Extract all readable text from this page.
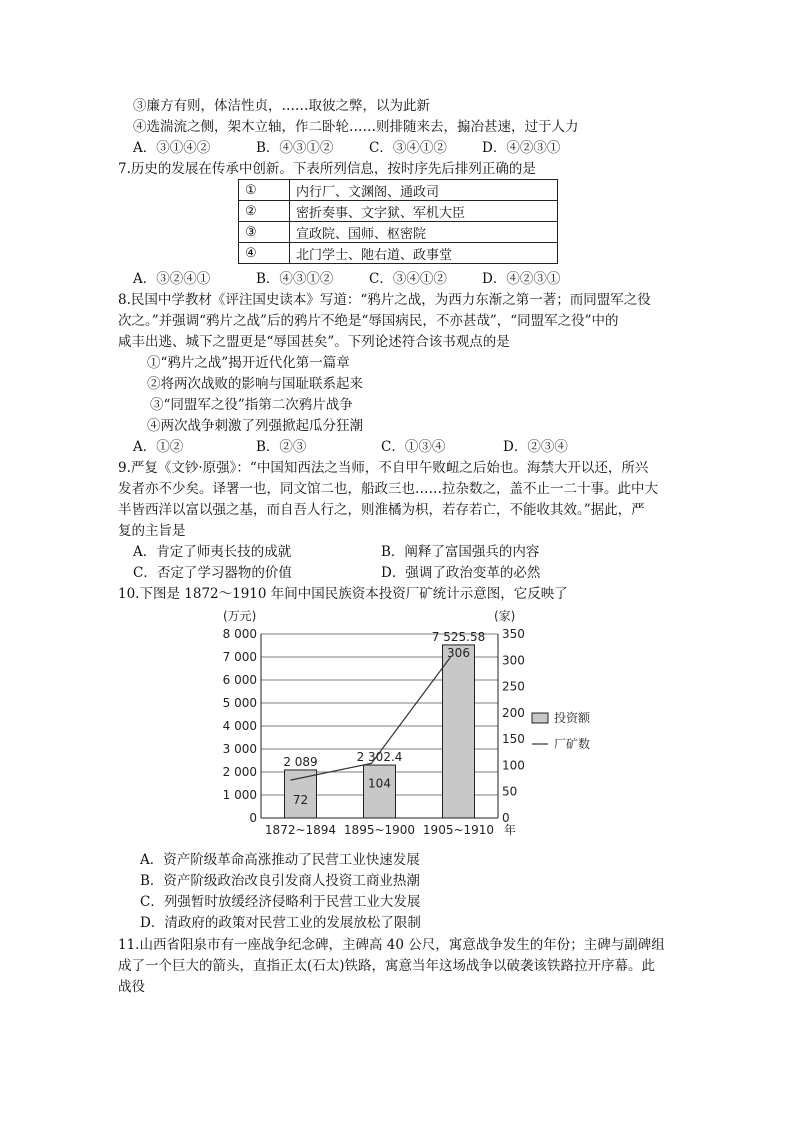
③廉方有则，体洁性贞，……取彼之弊，以为此新
④选湍流之侧，架木立轴，作二卧轮……则排随来去，搧冶甚速，过于人力
A．③①④②	B．④③①②	C．③④①②	D．④②③①
7.历史的发展在传承中创新。下表所列信息，按时序先后排列正确的是
①	内行厂、文渊阁、通政司
②	密折奏事、文字狱、军机大臣
③	宣政院、国师、枢密院
④	北门学士、阤右道、政事堂
A．③②④①	B．④③①②	C．③④①②	D．④②③①
8.民国中学教材《评注国史读本》写道：“鸦片之战，为西力东渐之第一著；而同盟军之役
次之。”并强调“鸦片之战”后的鸦片不绝是“辱国病民，不亦甚哉”，“同盟军之役”中的
咸丰出逃、城下之盟更是“辱国甚矣”。下列论述符合该书观点的是
①“鸦片之战”揭开近代化第一篇章
②将两次战败的影响与国耻联系起来
③“同盟军之役”指第二次鸦片战争
④两次战争刺激了列强掀起瓜分狂潮
A．①②	B．②③	C．①③④	D．②③④
9.严复《文钞·原强》：“中国知西法之当师，不自甲午败衄之后始也。海禁大开以还，所兴
发者亦不少矣。译署一也，同文馆二也，船政三也……拉杂数之，盖不止一二十事。此中大
半皆西洋以富以强之基，而自吾人行之，则淮橘为枳，若存若亡，不能收其效。”据此，严
复的主旨是
A．肯定了师夷长技的成就	B．阐释了富国强兵的内容
C．否定了学习器物的价值	D．强调了政治变革的必然
10.下图是 1872～1910 年间中国民族资本投资厂矿统计示意图，它反映了
0
1 000
2 000
3 000
4 000
5 000
6 000
7 000
8 000
0
50
100
150
200
250
300
350
(万元)	(家)
2 089
1872~1894
2 302.4
1895~1900
7 525.58
1905~1910 年
72
104
306
投资额
厂矿数
A．资产阶级革命高涨推动了民营工业快速发展
B．资产阶级政治改良引发商人投资工商业热潮
C．列强暂时放缓经济侵略利于民营工业大发展
D．清政府的政策对民营工业的发展放松了限制
11.山西省阳泉市有一座战争纪念碑，主碑高 40 公尺，寓意战争发生的年份；主碑与副碑组
成了一个巨大的箭头，直指正太(石太)铁路，寓意当年这场战争以破袭该铁路拉开序幕。此
战役
